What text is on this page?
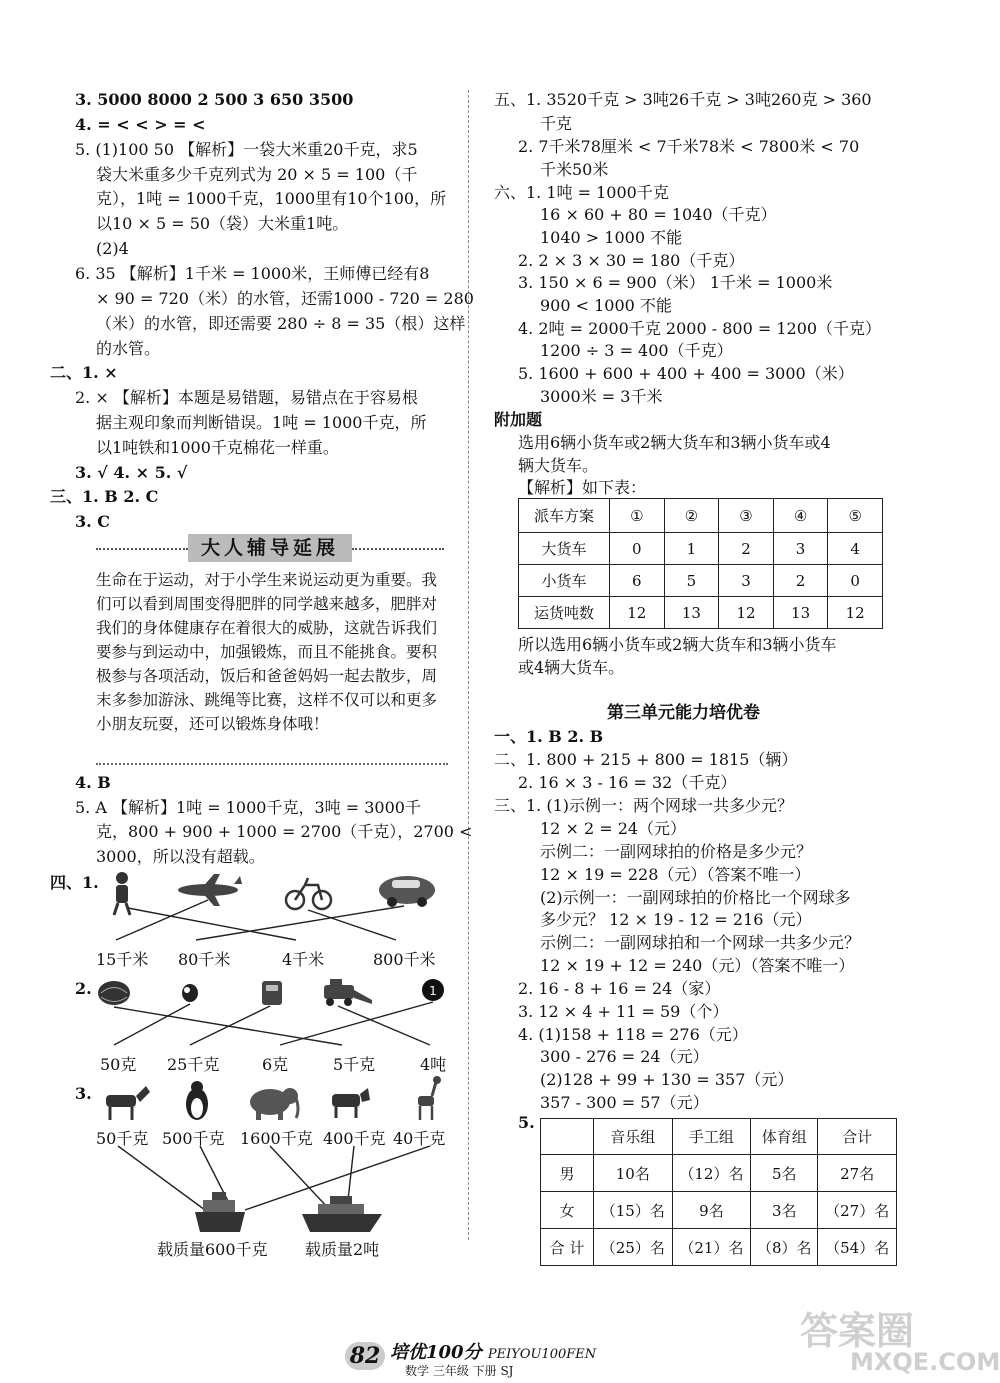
3. 5000 8000 2 500 3 650 3500
4. = < < > = <
5. (1)100 50 【解析】一袋大米重20千克，求5
袋大米重多少千克列式为 20 × 5 = 100（千
克），1吨 = 1000千克，1000里有10个100，所
以10 × 5 = 50（袋）大米重1吨。
(2)4
6. 35 【解析】1千米 = 1000米，王师傅已经有8
× 90 = 720（米）的水管，还需1000 - 720 = 280
（米）的水管，即还需要 280 ÷ 8 = 35（根）这样
的水管。
二、1. ×
2. × 【解析】本题是易错题，易错点在于容易根
据主观印象而判断错误。1吨 = 1000千克，所
以1吨铁和1000千克棉花一样重。
3. √ 4. × 5. √
三、1. B 2. C
3. C
大人辅导延展
生命在于运动，对于小学生来说运动更为重要。我们可以看到周围变得肥胖的同学越来越多，肥胖对我们的身体健康存在着很大的威胁，这就告诉我们要参与到运动中，加强锻炼，而且不能挑食。要积极参与各项活动，饭后和爸爸妈妈一起去散步，周末多参加游泳、跳绳等比赛，这样不仅可以和更多小朋友玩耍，还可以锻炼身体哦！
4. B
5. A 【解析】1吨 = 1000千克，3吨 = 3000千
克，800 + 900 + 1000 = 2700（千克），2700 <
3000，所以没有超载。
四、1.
2.
3.
1
15千米 80千米	4千米	800千米
50克 25千克	6克	5千克	4吨
50千克 500千克 1600千克 400千克 40千克
载质量600千克 载质量2吨
五、1. 3520千克 > 3吨26千克 > 3吨260克 > 360
千克
2. 7千米78厘米 < 7千米78米 < 7800米 < 70
千米50米
六、1. 1吨 = 1000千克
16 × 60 + 80 = 1040（千克）
1040 > 1000 不能
2. 2 × 3 × 30 = 180（千克）
3. 150 × 6 = 900（米） 1千米 = 1000米
900 < 1000 不能
4. 2吨 = 2000千克 2000 - 800 = 1200（千克）
1200 ÷ 3 = 400（千克）
5. 1600 + 600 + 400 + 400 = 3000（米）
3000米 = 3千米
附加题
选用6辆小货车或2辆大货车和3辆小货车或4
辆大货车。
【解析】如下表：
派车方案	①	②	③	④	⑤
大货车	0	1	2	3	4
小货车	6	5	3	2	0
运货吨数	12	13	12	13	12
所以选用6辆小货车或2辆大货车和3辆小货车
或4辆大货车。
第三单元能力培优卷
一、1. B 2. B
二、1. 800 + 215 + 800 = 1815（辆）
2. 16 × 3 - 16 = 32（千克）
三、1. (1)示例一：两个网球一共多少元？
12 × 2 = 24（元）
示例二：一副网球拍的价格是多少元？
12 × 19 = 228（元）（答案不唯一）
(2)示例一：一副网球拍的价格比一个网球多
多少元？ 12 × 19 - 12 = 216（元）
示例二：一副网球拍和一个网球一共多少元？
12 × 19 + 12 = 240（元）（答案不唯一）
2. 16 - 8 + 16 = 24（家）
3. 12 × 4 + 11 = 59（个）
4. (1)158 + 118 = 276（元）
300 - 276 = 24（元）
(2)128 + 99 + 130 = 357（元）
357 - 300 = 57（元）
5.
	音乐组	手工组	体育组	合计
男	10名	（12）名	5名	27名
女	（15）名	9名	3名	（27）名
合 计	（25）名	（21）名	（8）名	（54）名
82 培优100分 PEIYOU100FEN
数学 三年级 下册 SJ
答案圈
MXQE.COM
